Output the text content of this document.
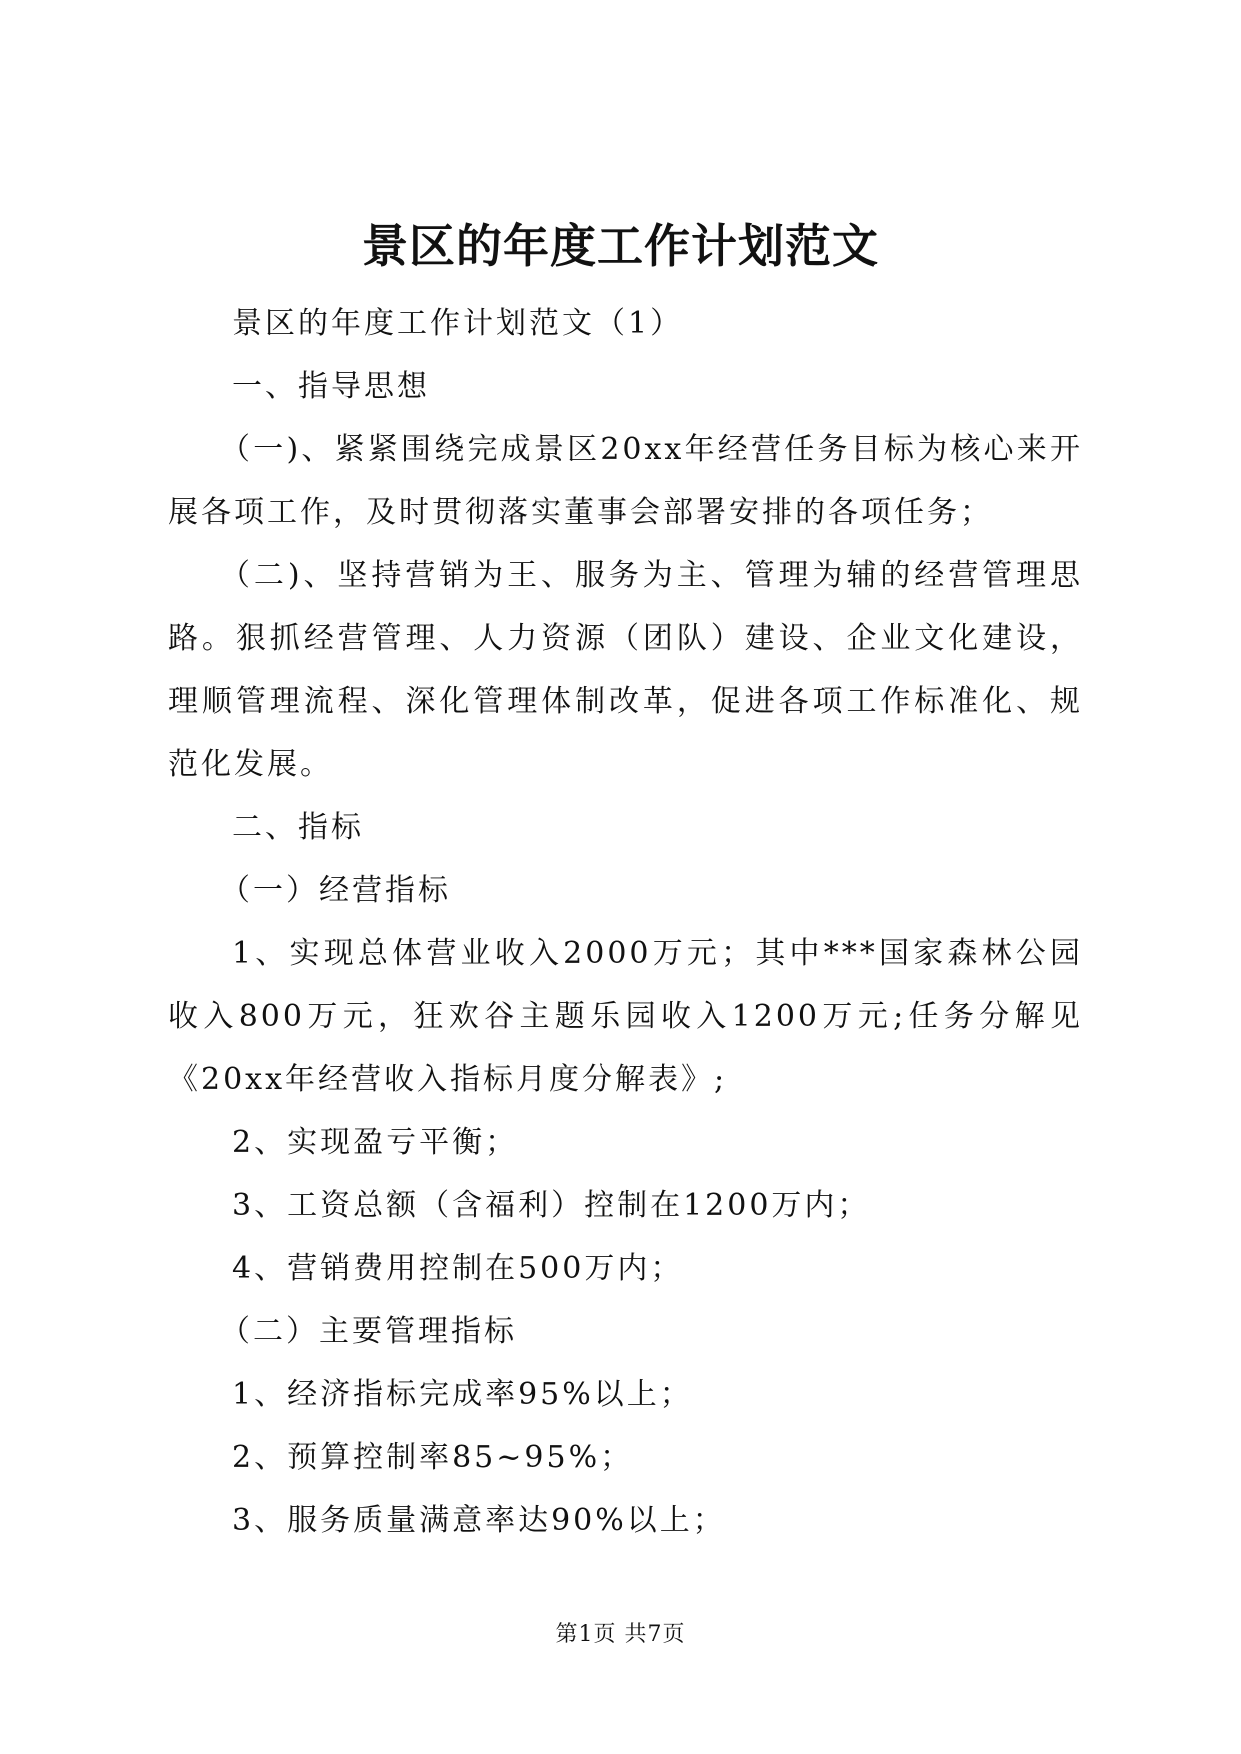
景区的年度工作计划范文

景区的年度工作计划范文（1）

一、指导思想

（一)、紧紧围绕完成景区20xx年经营任务目标为核心来开展各项工作，及时贯彻落实董事会部署安排的各项任务；

（二)、坚持营销为王、服务为主、管理为辅的经营管理思路。狠抓经营管理、人力资源（团队）建设、企业文化建设，理顺管理流程、深化管理体制改革，促进各项工作标准化、规范化发展。

二、指标

（一）经营指标

1、实现总体营业收入2000万元；其中***国家森林公园收入800万元，狂欢谷主题乐园收入1200万元;任务分解见《20xx年经营收入指标月度分解表》;

2、实现盈亏平衡；

3、工资总额（含福利）控制在1200万内；

4、营销费用控制在500万内；

（二）主要管理指标

1、经济指标完成率95%以上；

2、预算控制率85~95%；

3、服务质量满意率达90%以上；

第1页 共7页
